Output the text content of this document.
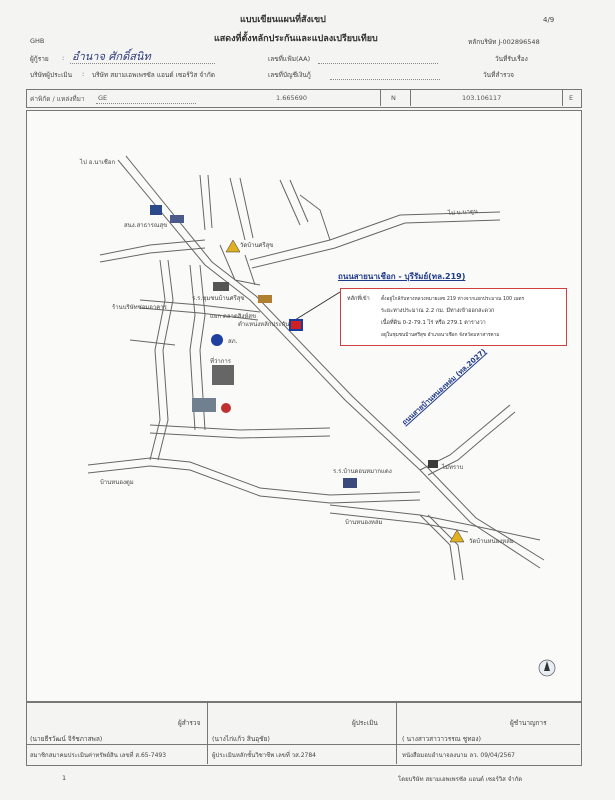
แบบเขียนแผนที่สังเขป
แสดงที่ตั้งหลักประกันและแปลงเปรียบเทียบ
4/9
GHB	หลักบริษัท J-002896548
ผู้กู้ราย : อำนาจ ศักดิ์สนิท	เลขที่แฟ้ม(AA)	วันที่รับเรื่อง
บริษัทผู้ประเมิน : บริษัท สยามเอพเพรซัล แอนด์ เซอร์วิส จำกัด	เลขที่บัญชีเงินกู้	วันที่สำรวจ
ค่าพิกัด / แหล่งที่มา GE	1.665690	N	103.106117	E
ไป อ.นาเชือก
ไป บ.นาดูน
สนง.สาธารณสุข
วัดบ้านศรีสุข
ร.ร.ชุมชนบ้านศรีสุข
ร้านบริษัทซ่อมอาคาร
แยก ตลาดสิงห์สุข
ตำแหน่งหลักประกัน
สภ.
ที่ว่าการ
ร.ร.บ้านดอนหมากแดง
บ้านหนองตูม
บ้านหนองหล่ม
วัดบ้านหนองหล่ม
ไม่ทราบ
ถนนสายนาเชือก - บุรีรัมย์(ทล.219)
ถนนสายบ้านหนองหล่ม (ทล.2027)
หลักที่เข้า ตั้งอยู่ใกล้กับทางหลวงหมายเลข 219 ห่างจากแยกประมาณ 100 เมตร
ระยะทางประมาณ 2.2 กม. มีทางเข้าออกสะดวก
เนื้อที่ดิน 0-2-79.1 ไร่ หรือ 279.1 ตารางวา
อยู่ในชุมชนบ้านศรีสุข อำเภอนาเชือก จังหวัดมหาสารคาม
ผู้สำรวจ	ผู้ประเมิน	ผู้ชำนาญการ
(นายธีรวัฒน์ จิรัชภาสพล)	(นางไก่แก้ว สินอุชัย)	( นางสาวสาวาวรรณ ชูทอง)
สมาชิกสมาคมประเมินค่าทรัพย์สิน เลขที่ ส.65-7493	ผู้ประเมินหลักชั้นวิชาชีพ เลขที่ วส.2784	หนังสือมอบอำนาจลงนาม ลว. 09/04/2567
1	โดยบริษัท สยามเอพเพรซัล แอนด์ เซอร์วิส จำกัด
